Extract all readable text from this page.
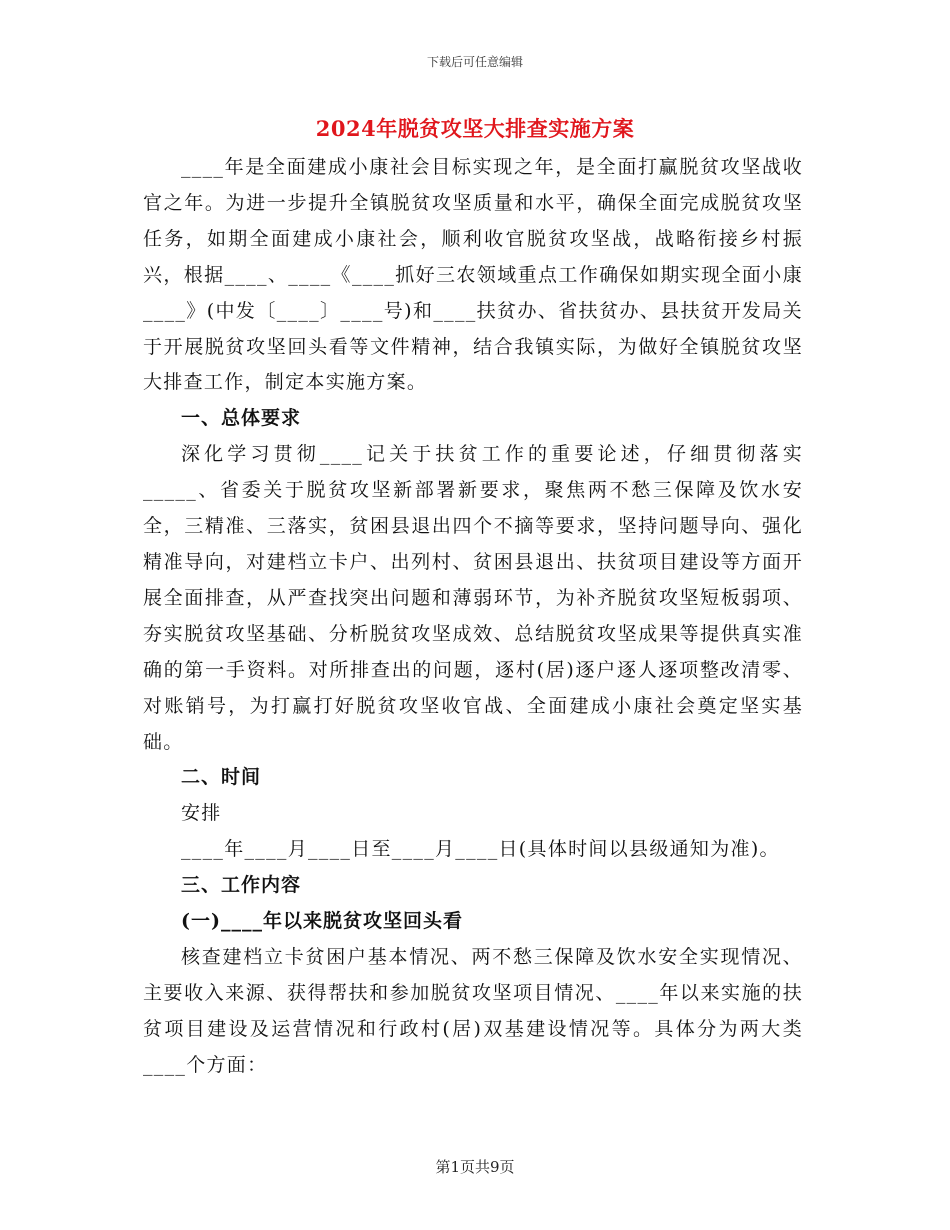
下载后可任意编辑
2024年脱贫攻坚大排查实施方案

____年是全面建成小康社会目标实现之年，是全面打赢脱贫攻坚战收官之年。为进一步提升全镇脱贫攻坚质量和水平，确保全面完成脱贫攻坚任务，如期全面建成小康社会，顺利收官脱贫攻坚战，战略衔接乡村振兴，根据____、____《____抓好三农领域重点工作确保如期实现全面小康____》(中发〔____〕____号)和____扶贫办、省扶贫办、县扶贫开发局关于开展脱贫攻坚回头看等文件精神，结合我镇实际，为做好全镇脱贫攻坚大排查工作，制定本实施方案。

一、总体要求

深化学习贯彻____记关于扶贫工作的重要论述，仔细贯彻落实_____、省委关于脱贫攻坚新部署新要求，聚焦两不愁三保障及饮水安全，三精准、三落实，贫困县退出四个不摘等要求，坚持问题导向、强化精准导向，对建档立卡户、出列村、贫困县退出、扶贫项目建设等方面开展全面排查，从严查找突出问题和薄弱环节，为补齐脱贫攻坚短板弱项、夯实脱贫攻坚基础、分析脱贫攻坚成效、总结脱贫攻坚成果等提供真实准确的第一手资料。对所排查出的问题，逐村(居)逐户逐人逐项整改清零、对账销号，为打赢打好脱贫攻坚收官战、全面建成小康社会奠定坚实基础。

二、时间

安排

____年____月____日至____月____日(具体时间以县级通知为准)。

三、工作内容

(一)____年以来脱贫攻坚回头看

核查建档立卡贫困户基本情况、两不愁三保障及饮水安全实现情况、主要收入来源、获得帮扶和参加脱贫攻坚项目情况、____年以来实施的扶贫项目建设及运营情况和行政村(居)双基建设情况等。具体分为两大类____个方面：

第1页共9页
